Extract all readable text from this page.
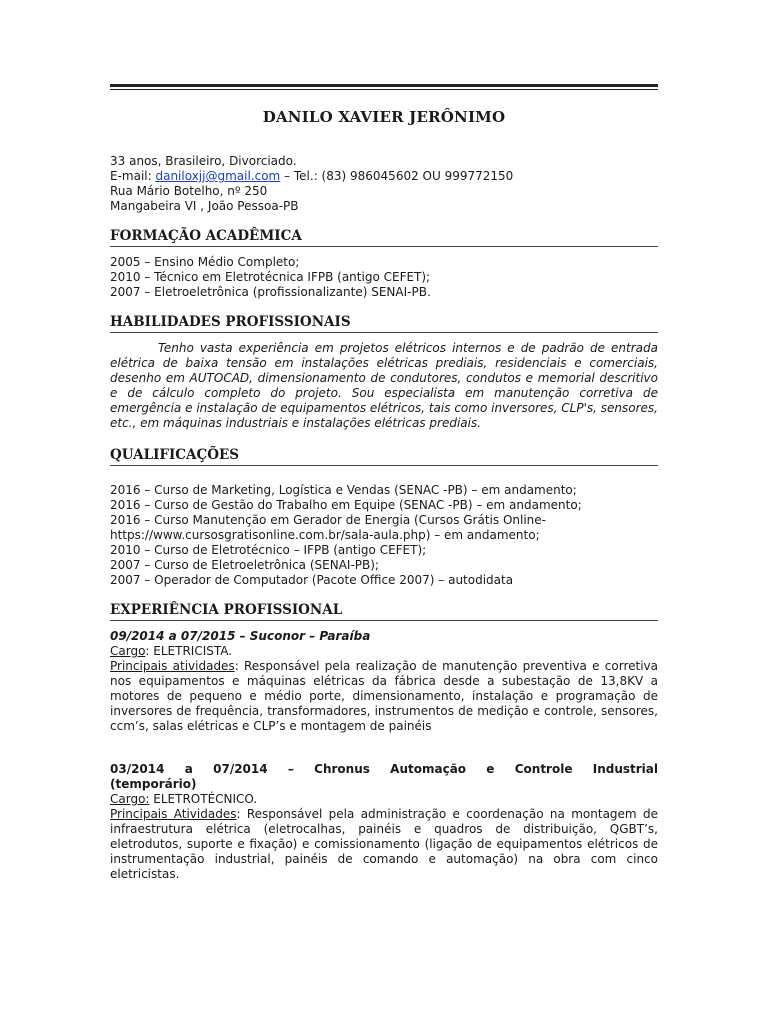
DANILO XAVIER JERÔNIMO
33 anos, Brasileiro, Divorciado.
E-mail: daniloxjj@gmail.com – Tel.: (83) 986045602 OU 999772150
Rua Mário Botelho, nº 250
Mangabeira VI , João Pessoa-PB
FORMAÇÃO ACADÊMICA
2005 – Ensino Médio Completo;
2010 – Técnico em Eletrotécnica IFPB (antigo CEFET);
2007 – Eletroeletrônica (profissionalizante) SENAI-PB.
HABILIDADES PROFISSIONAIS
Tenho vasta experiência em projetos elétricos internos e de padrão de entrada elétrica de baixa tensão em instalações elétricas prediais, residenciais e comerciais, desenho em AUTOCAD, dimensionamento de condutores, condutos e memorial descritivo e de cálculo completo do projeto. Sou especialista em manutenção corretiva de emergência e instalação de equipamentos elétricos, tais como inversores, CLP's, sensores, etc., em máquinas industriais e instalações elétricas prediais.
QUALIFICAÇÕES
2016 – Curso de Marketing, Logística e Vendas (SENAC -PB) – em andamento;
2016 – Curso de Gestão do Trabalho em Equipe (SENAC -PB) – em andamento;
2016 – Curso Manutenção em Gerador de Energia (Cursos Grátis Online-
https://www.cursosgratisonline.com.br/sala-aula.php) – em andamento;
2010 – Curso de Eletrotécnico – IFPB (antigo CEFET);
2007 – Curso de Eletroeletrônica (SENAI-PB);
2007 – Operador de Computador (Pacote Office 2007) – autodidata
EXPERIÊNCIA PROFISSIONAL
09/2014 a 07/2015 – Suconor – Paraíba
Cargo: ELETRICISTA.
Principais atividades: Responsável pela realização de manutenção preventiva e corretiva nos equipamentos e máquinas elétricas da fábrica desde a subestação de 13,8KV a motores de pequeno e médio porte, dimensionamento, instalação e programação de inversores de frequência, transformadores, instrumentos de medição e controle, sensores, ccm’s, salas elétricas e CLP’s e montagem de painéis
03/2014 a 07/2014 – Chronus Automação e Controle Industrial
(temporário)
Cargo: ELETROTÉCNICO.
Principais Atividades: Responsável pela administração e coordenação na montagem de infraestrutura elétrica (eletrocalhas, painéis e quadros de distribuição, QGBT’s, eletrodutos, suporte e fixação) e comissionamento (ligação de equipamentos elétricos de instrumentação industrial, painéis de comando e automação) na obra com cinco eletricistas.
